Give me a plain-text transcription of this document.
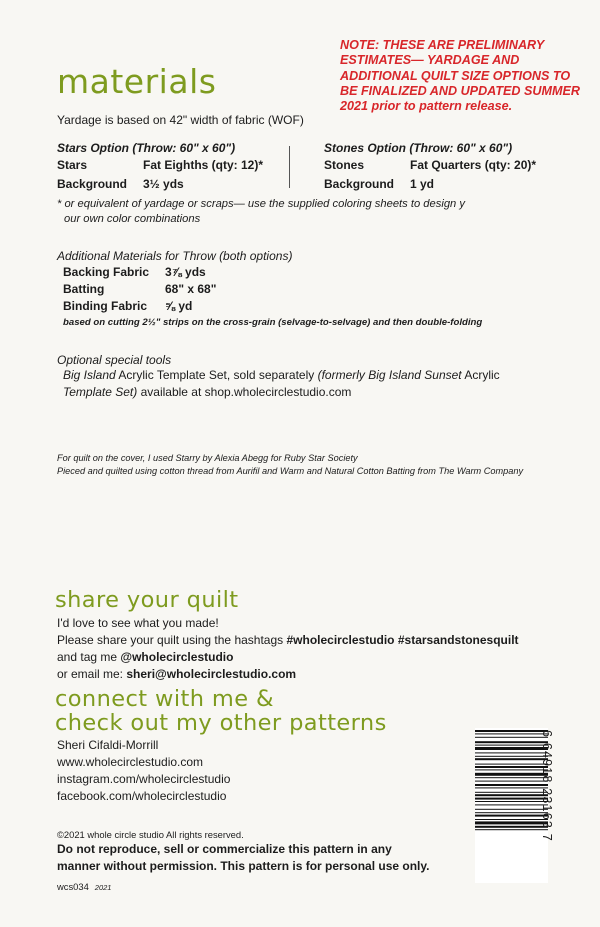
NOTE: THESE ARE PRELIMINARY ESTIMATES— YARDAGE AND ADDITIONAL QUILT SIZE OPTIONS TO BE FINALIZED AND UPDATED SUMMER 2021 prior to pattern release.
materials
Yardage is based on 42" width of fabric (WOF)
Stars Option (Throw: 60" x 60")
Stars	Fat Eighths (qty: 12)*
Background 3½ yds
Stones Option (Throw: 60" x 60")
Stones	Fat Quarters (qty: 20)*
Background 1 yd
* or equivalent of yardage or scraps— use the supplied coloring sheets to design y
our own color combinations
Additional Materials for Throw (both options)
Backing Fabric 3⅞ yds
Batting	68" x 68"
Binding Fabric ⅝ yd
based on cutting 2½" strips on the cross-grain (selvage-to-selvage) and then double-folding
Optional special tools
Big Island Acrylic Template Set, sold separately (formerly Big Island Sunset Acrylic
Template Set) available at shop.wholecirclestudio.com
For quilt on the cover, I used Starry by Alexia Abegg for Ruby Star Society
Pieced and quilted using cotton thread from Aurifil and Warm and Natural Cotton Batting from The Warm Company
share your quilt
I'd love to see what you made!
Please share your quilt using the hashtags #wholecirclestudio #starsandstonesquilt
and tag me @wholecirclestudio
or email me: sheri@wholecirclestudio.com
connect with me &
check out my other patterns
Sheri Cifaldi-Morrill
www.wholecirclestudio.com
instagram.com/wholecirclestudio
facebook.com/wholecirclestudio
©2021 whole circle studio All rights reserved.
Do not reproduce, sell or commercialize this pattern in any
manner without permission. This pattern is for personal use only.
wcs034 2021
6 64918 23163 7
